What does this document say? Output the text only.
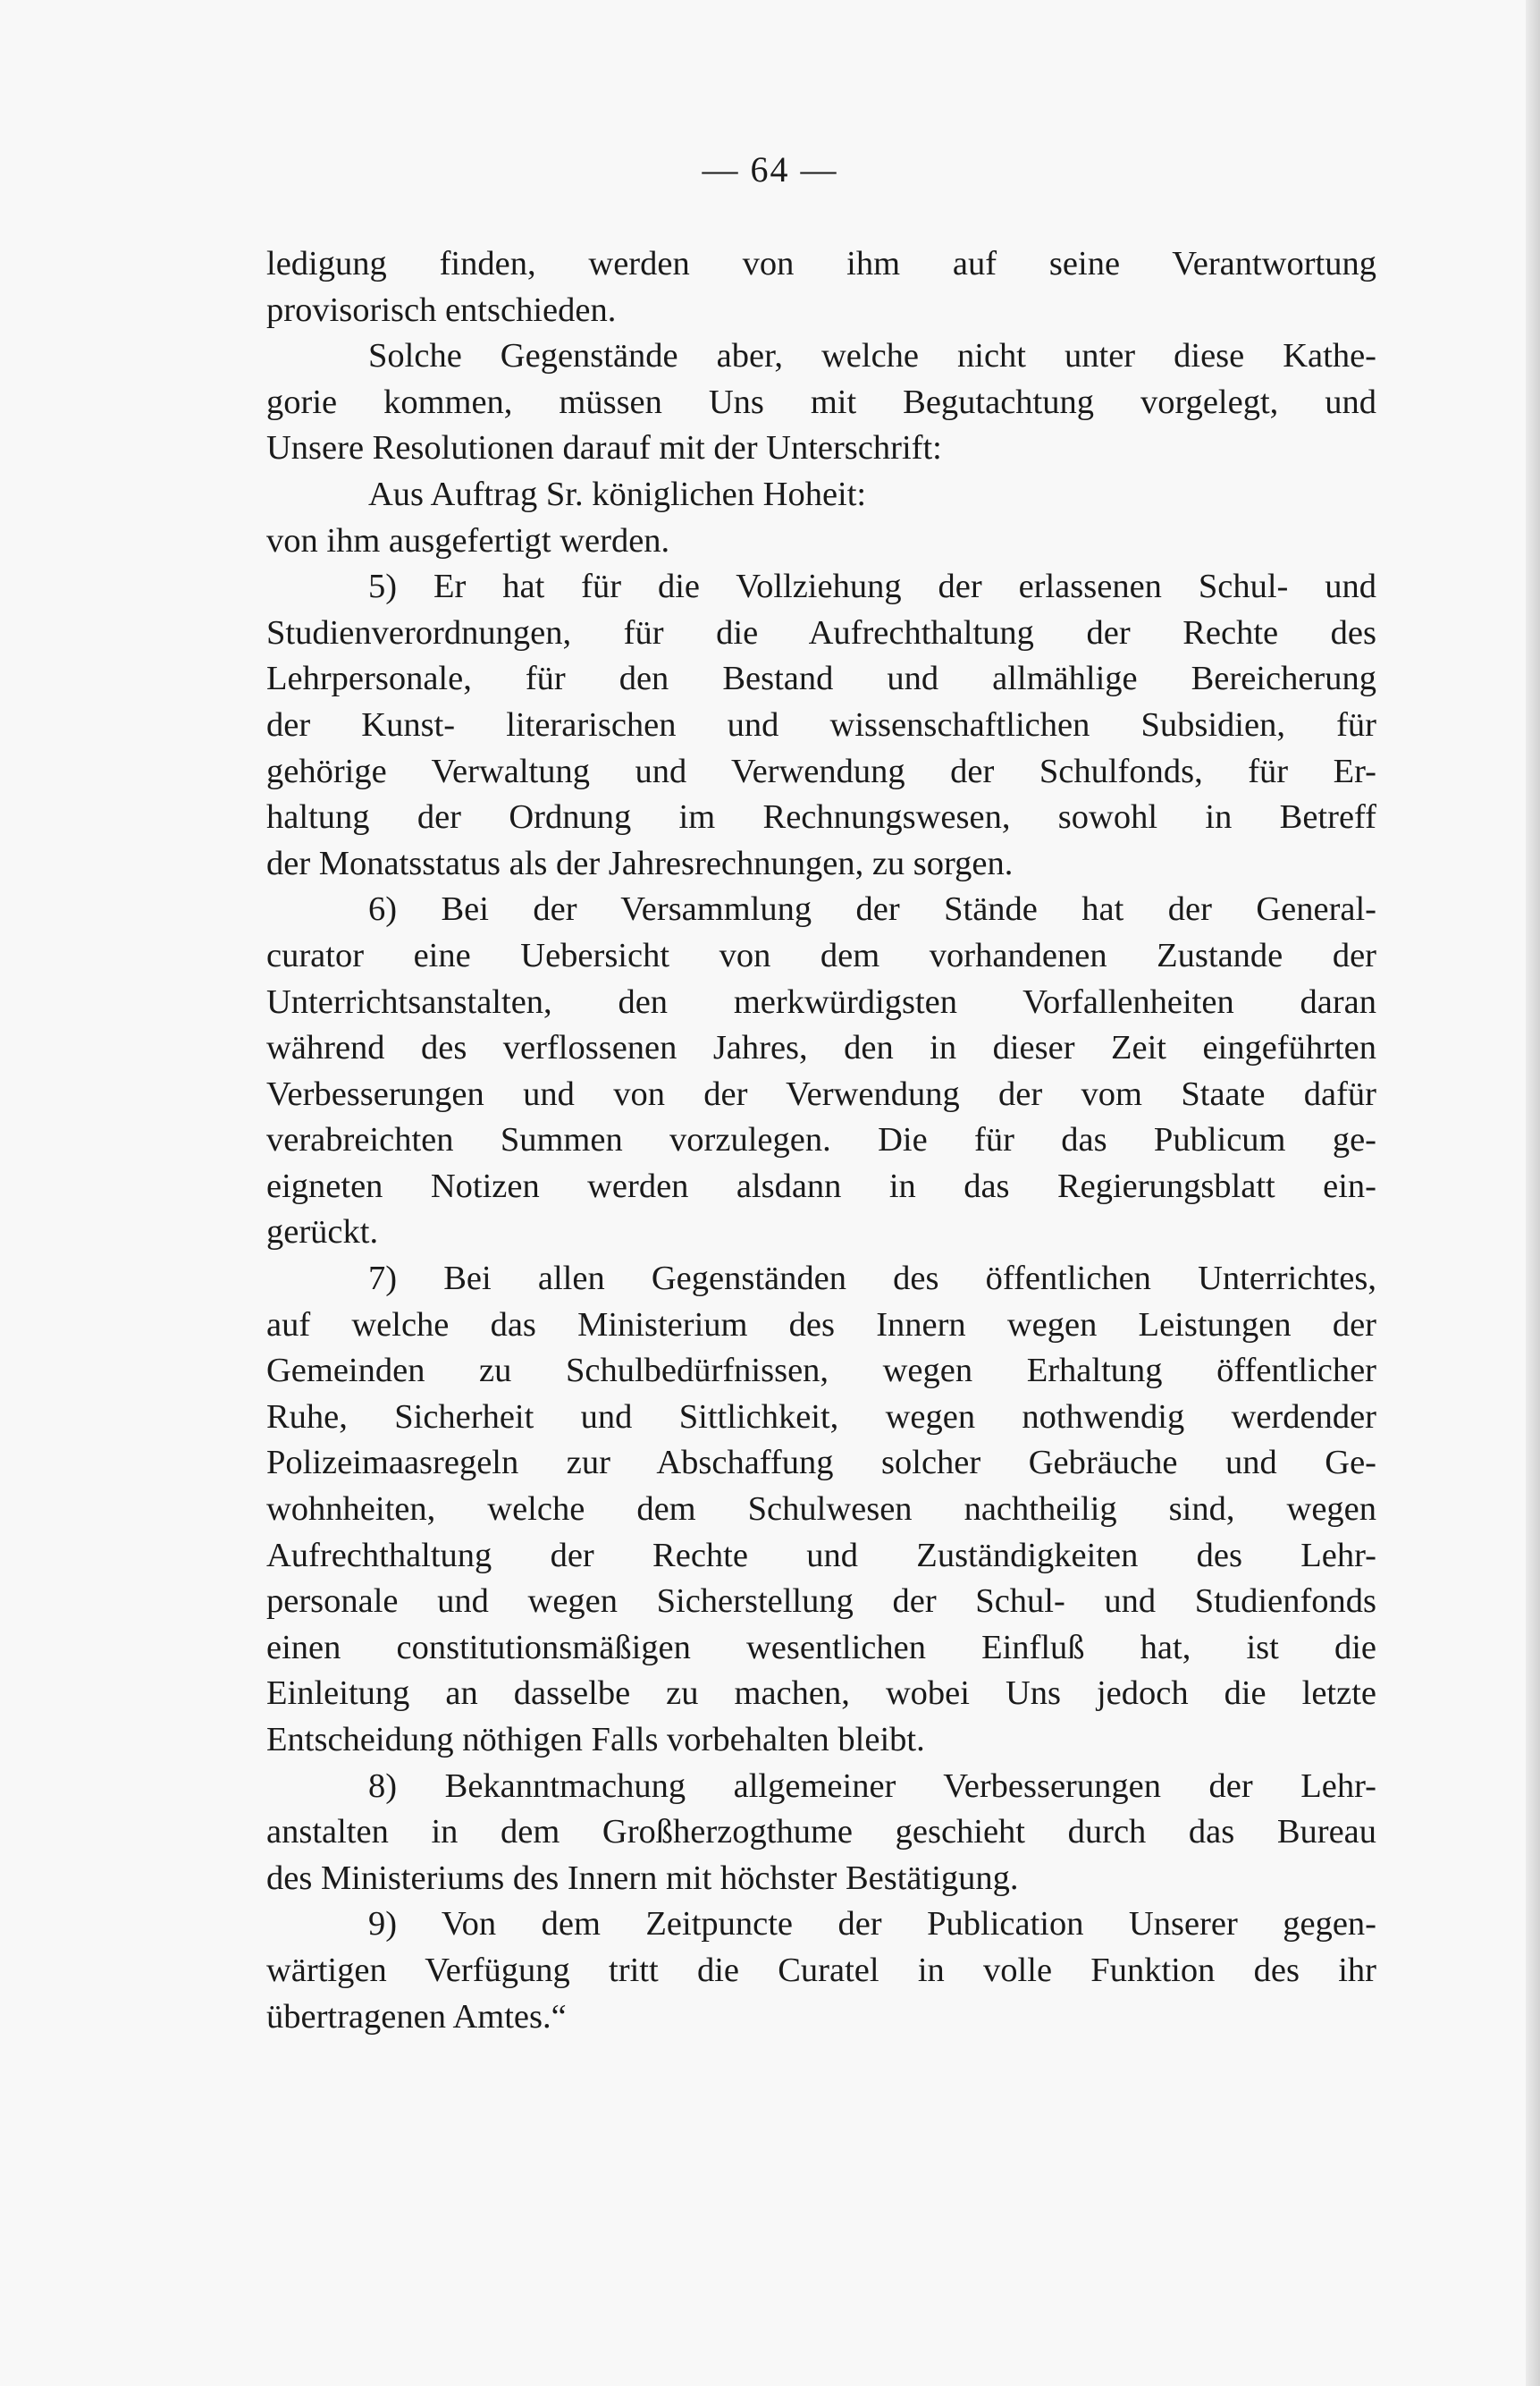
— 64 —
ledigung finden, werden von ihm auf seine Verantwortung
provisorisch entschieden.
Solche Gegenstände aber, welche nicht unter diese Kathe-
gorie kommen, müssen Uns mit Begutachtung vorgelegt, und
Unsere Resolutionen darauf mit der Unterschrift:
Aus Auftrag Sr. königlichen Hoheit:
von ihm ausgefertigt werden.
5) Er hat für die Vollziehung der erlassenen Schul- und
Studienverordnungen, für die Aufrechthaltung der Rechte des
Lehrpersonale, für den Bestand und allmählige Bereicherung
der Kunst- literarischen und wissenschaftlichen Subsidien, für
gehörige Verwaltung und Verwendung der Schulfonds, für Er-
haltung der Ordnung im Rechnungswesen, sowohl in Betreff
der Monatsstatus als der Jahresrechnungen, zu sorgen.
6) Bei der Versammlung der Stände hat der General-
curator eine Uebersicht von dem vorhandenen Zustande der
Unterrichtsanstalten, den merkwürdigsten Vorfallenheiten daran
während des verflossenen Jahres, den in dieser Zeit eingeführten
Verbesserungen und von der Verwendung der vom Staate dafür
verabreichten Summen vorzulegen. Die für das Publicum ge-
eigneten Notizen werden alsdann in das Regierungsblatt ein-
gerückt.
7) Bei allen Gegenständen des öffentlichen Unterrichtes,
auf welche das Ministerium des Innern wegen Leistungen der
Gemeinden zu Schulbedürfnissen, wegen Erhaltung öffentlicher
Ruhe, Sicherheit und Sittlichkeit, wegen nothwendig werdender
Polizeimaasregeln zur Abschaffung solcher Gebräuche und Ge-
wohnheiten, welche dem Schulwesen nachtheilig sind, wegen
Aufrechthaltung der Rechte und Zuständigkeiten des Lehr-
personale und wegen Sicherstellung der Schul- und Studienfonds
einen constitutionsmäßigen wesentlichen Einfluß hat, ist die
Einleitung an dasselbe zu machen, wobei Uns jedoch die letzte
Entscheidung nöthigen Falls vorbehalten bleibt.
8) Bekanntmachung allgemeiner Verbesserungen der Lehr-
anstalten in dem Großherzogthume geschieht durch das Bureau
des Ministeriums des Innern mit höchster Bestätigung.
9) Von dem Zeitpuncte der Publication Unserer gegen-
wärtigen Verfügung tritt die Curatel in volle Funktion des ihr
übertragenen Amtes.“
